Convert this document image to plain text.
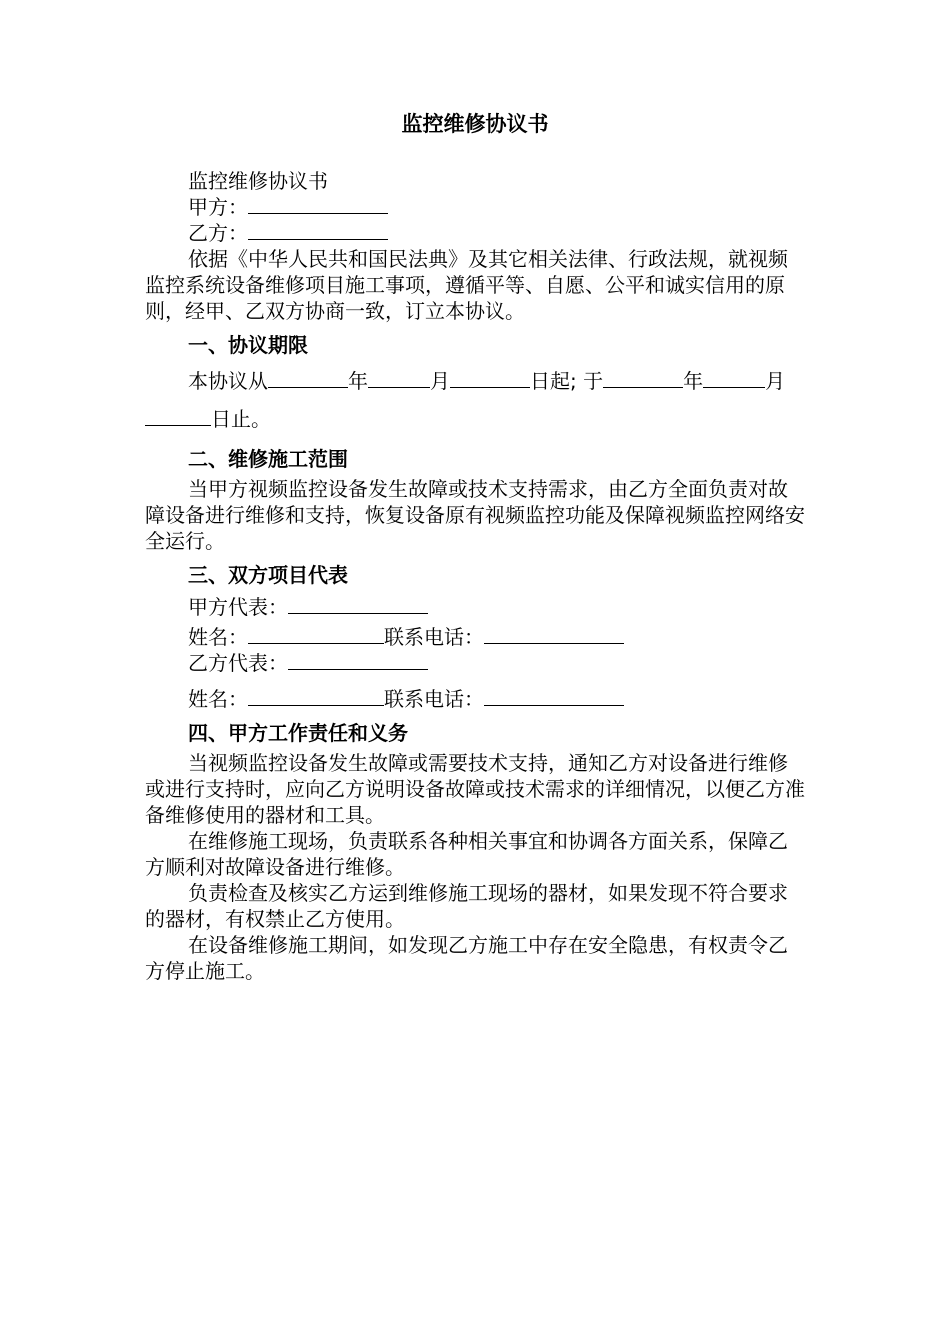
监控维修协议书

监控维修协议书

甲方：

乙方：

依据《中华人民共和国民法典》及其它相关法律、行政法规，就视频监控系统设备维修项目施工事项，遵循平等、自愿、公平和诚实信用的原则，经甲、乙双方协商一致，订立本协议。

一、协议期限

本协议从	年	月	日起; 于	年	月日止。

二、维修施工范围

当甲方视频监控设备发生故障或技术支持需求，由乙方全面负责对故障设备进行维修和支持，恢复设备原有视频监控功能及保障视频监控网络安全运行。

三、双方项目代表

甲方代表：

姓名：	联系电话：

乙方代表：

姓名：	联系电话：

四、甲方工作责任和义务

当视频监控设备发生故障或需要技术支持，通知乙方对设备进行维修或进行支持时，应向乙方说明设备故障或技术需求的详细情况，以便乙方准备维修使用的器材和工具。

在维修施工现场，负责联系各种相关事宜和协调各方面关系，保障乙方顺利对故障设备进行维修。

负责检查及核实乙方运到维修施工现场的器材，如果发现不符合要求的器材，有权禁止乙方使用。

在设备维修施工期间，如发现乙方施工中存在安全隐患，有权责令乙方停止施工。
